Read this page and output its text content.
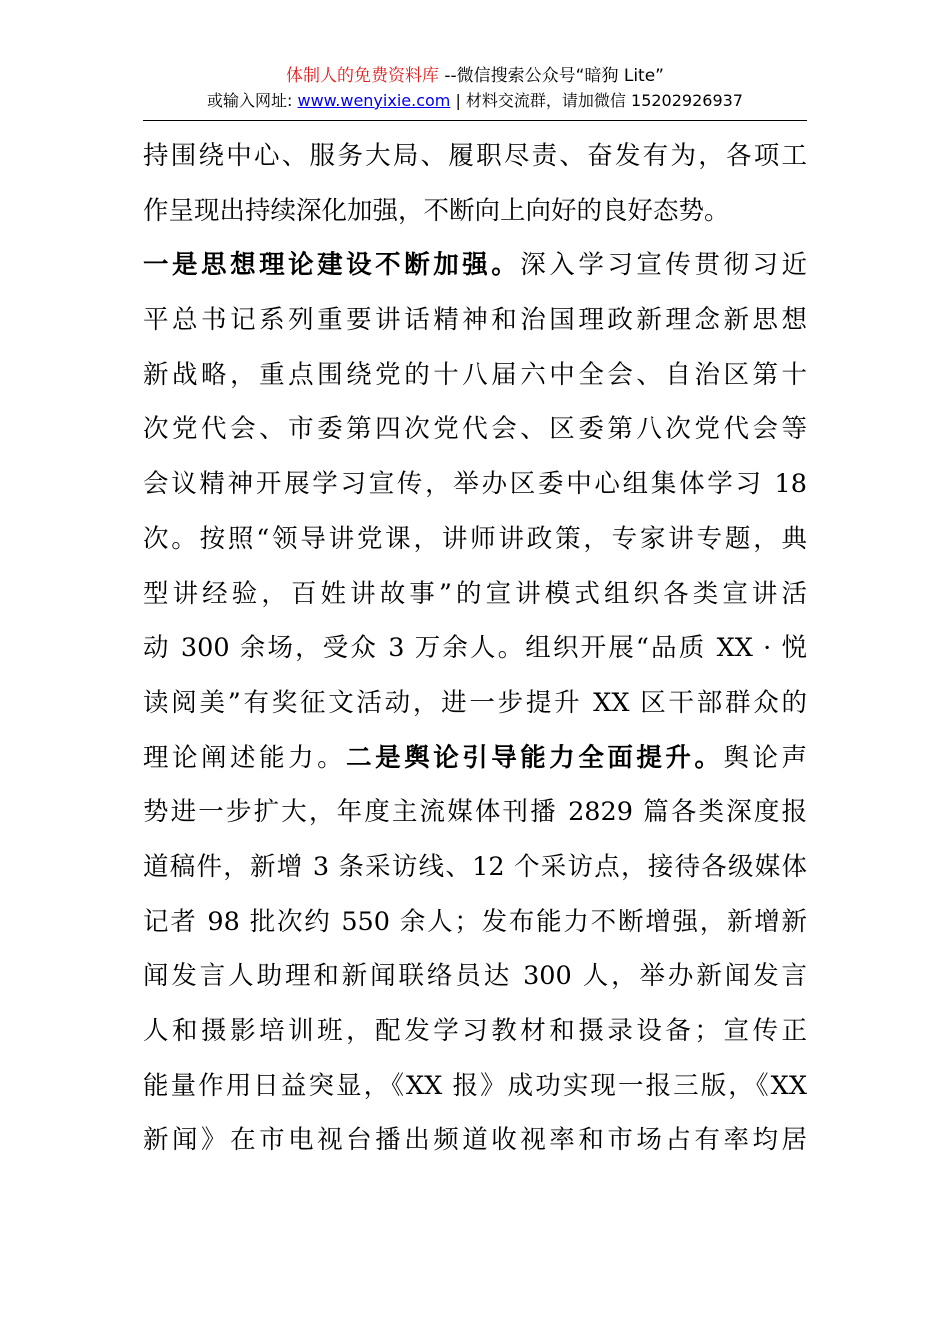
体制人的免费资料库 --微信搜索公众号“暗狗 Lite”
或输入网址: www.wenyixie.com | 材料交流群，请加微信 15202926937
持围绕中心、服务大局、履职尽责、奋发有为，各项工
作呈现出持续深化加强，不断向上向好的良好态势。
一是思想理论建设不断加强。深入学习宣传贯彻习近
平总书记系列重要讲话精神和治国理政新理念新思想
新战略，重点围绕党的十八届六中全会、自治区第十
次党代会、市委第四次党代会、区委第八次党代会等
会议精神开展学习宣传，举办区委中心组集体学习 18
次。按照“领导讲党课，讲师讲政策，专家讲专题，典
型讲经验，百姓讲故事”的宣讲模式组织各类宣讲活
动 300 余场，受众 3 万余人。组织开展“品质 XX · 悦
读阅美”有奖征文活动，进一步提升 XX 区干部群众的
理论阐述能力。二是舆论引导能力全面提升。舆论声
势进一步扩大，年度主流媒体刊播 2829 篇各类深度报
道稿件，新增 3 条采访线、12 个采访点，接待各级媒体
记者 98 批次约 550 余人；发布能力不断增强，新增新
闻发言人助理和新闻联络员达 300 人，举办新闻发言
人和摄影培训班，配发学习教材和摄录设备；宣传正
能量作用日益突显，《XX 报》成功实现一报三版，《XX
新闻》在市电视台播出频道收视率和市场占有率均居
